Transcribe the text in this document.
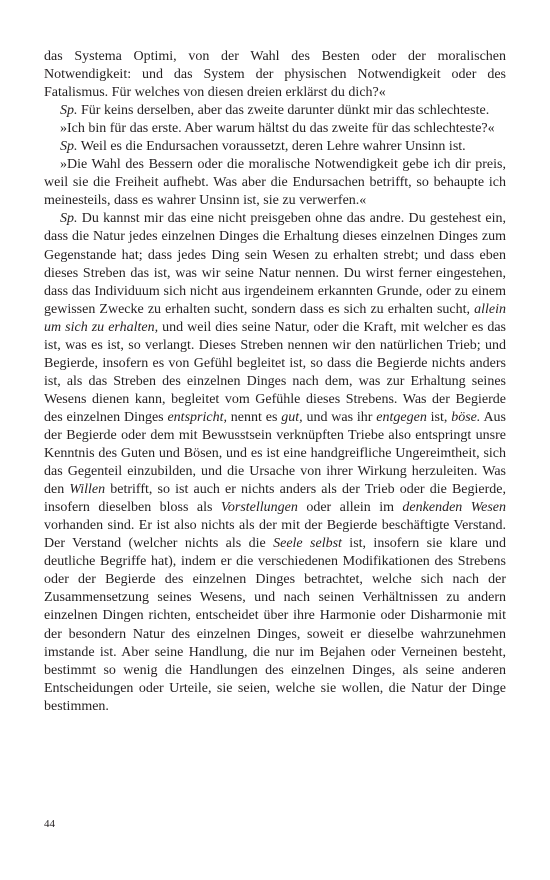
das Systema Optimi, von der Wahl des Besten oder der moralischen Notwendigkeit: und das System der physischen Notwendigkeit oder des Fatalismus. Für welches von diesen dreien erklärst du dich?«

Sp. Für keins derselben, aber das zweite darunter dünkt mir das schlechteste.

»Ich bin für das erste. Aber warum hältst du das zweite für das schlechteste?«

Sp. Weil es die Endursachen voraussetzt, deren Lehre wahrer Unsinn ist.

»Die Wahl des Bessern oder die moralische Notwendigkeit gebe ich dir preis, weil sie die Freiheit aufhebt. Was aber die Endursachen betrifft, so behaupte ich meinesteils, dass es wahrer Unsinn ist, sie zu verwerfen.«

Sp. Du kannst mir das eine nicht preisgeben ohne das andre. Du gestehest ein, dass die Natur jedes einzelnen Dinges die Erhaltung dieses einzelnen Dinges zum Gegenstande hat; dass jedes Ding sein Wesen zu erhalten strebt; und dass eben dieses Streben das ist, was wir seine Natur nennen. Du wirst ferner eingestehen, dass das Individuum sich nicht aus irgendeinem erkannten Grunde, oder zu einem gewissen Zwecke zu erhalten sucht, sondern dass es sich zu erhalten sucht, allein um sich zu erhalten, und weil dies seine Natur, oder die Kraft, mit welcher es das ist, was es ist, so verlangt. Dieses Streben nennen wir den natürlichen Trieb; und Begierde, insofern es von Gefühl begleitet ist, so dass die Begierde nichts anders ist, als das Streben des einzelnen Dinges nach dem, was zur Erhaltung seines Wesens dienen kann, begleitet vom Gefühle dieses Strebens. Was der Begierde des einzelnen Dinges entspricht, nennt es gut, und was ihr entgegen ist, böse. Aus der Begierde oder dem mit Bewusstsein verknüpften Triebe also entspringt unsre Kenntnis des Guten und Bösen, und es ist eine handgreifliche Ungereimtheit, sich das Gegenteil einzubilden, und die Ursache von ihrer Wirkung herzuleiten. Was den Willen betrifft, so ist auch er nichts anders als der Trieb oder die Begierde, insofern dieselben bloss als Vorstellungen oder allein im denkenden Wesen vorhanden sind. Er ist also nichts als der mit der Begierde beschäftigte Verstand. Der Verstand (welcher nichts als die Seele selbst ist, insofern sie klare und deutliche Begriffe hat), indem er die verschiedenen Modifikationen des Strebens oder der Begierde des einzelnen Dinges betrachtet, welche sich nach der Zusammensetzung seines Wesens, und nach seinen Verhältnissen zu andern einzelnen Dingen richten, entscheidet über ihre Harmonie oder Disharmonie mit der besondern Natur des einzelnen Dinges, soweit er dieselbe wahrzunehmen imstande ist. Aber seine Handlung, die nur im Bejahen oder Verneinen besteht, bestimmt so wenig die Handlungen des einzelnen Dinges, als seine anderen Entscheidungen oder Urteile, sie seien, welche sie wollen, die Natur der Dinge bestimmen.

44
